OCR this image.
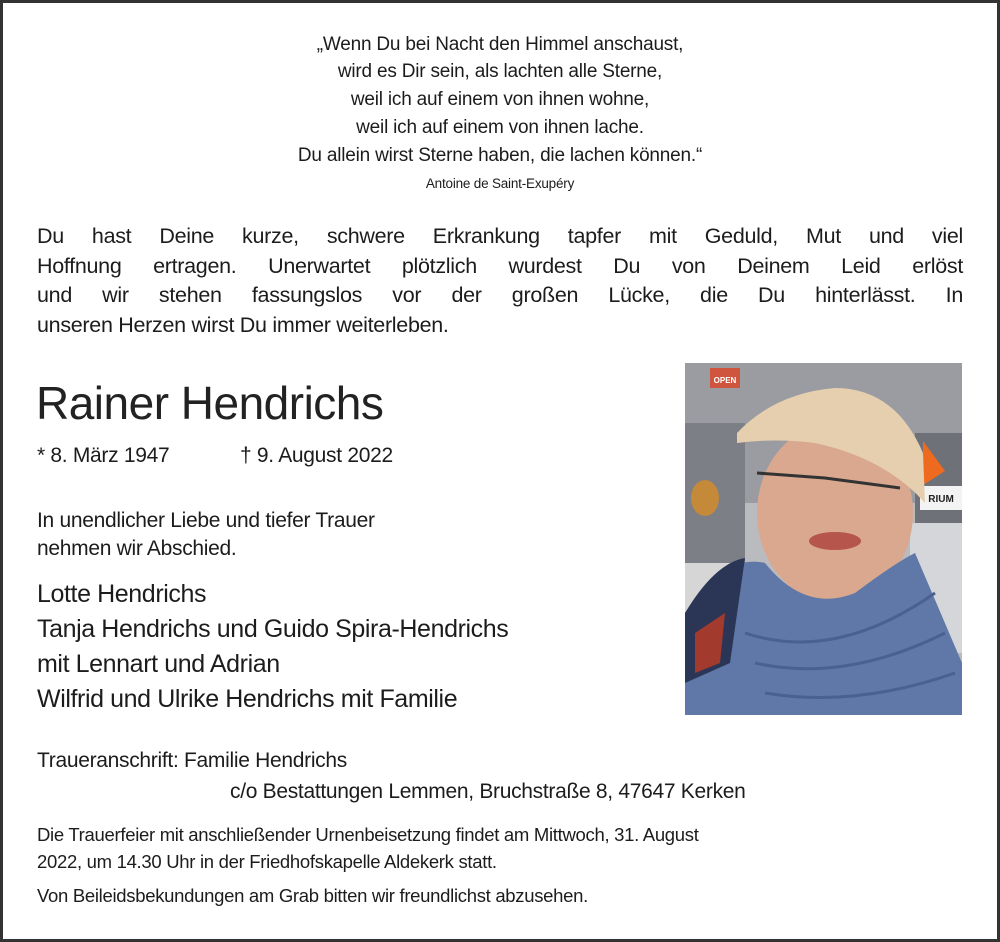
„Wenn Du bei Nacht den Himmel anschaust,
wird es Dir sein, als lachten alle Sterne,
weil ich auf einem von ihnen wohne,
weil ich auf einem von ihnen lache.
Du allein wirst Sterne haben, die lachen können.“
Antoine de Saint-Exupéry
Du hast Deine kurze, schwere Erkrankung tapfer mit Geduld, Mut und viel
Hoffnung ertragen. Unerwartet plötzlich wurdest Du von Deinem Leid erlöst
und wir stehen fassungslos vor der großen Lücke, die Du hinterlässt. In
unseren Herzen wirst Du immer weiterleben.
Rainer Hendrichs
* 8. März 1947	† 9. August 2022
In unendlicher Liebe und tiefer Trauer
nehmen wir Abschied.
Lotte Hendrichs
Tanja Hendrichs und Guido Spira-Hendrichs
mit Lennart und Adrian
Wilfrid und Ulrike Hendrichs mit Familie
Traueranschrift: Familie Hendrichs
c/o Bestattungen Lemmen, Bruchstraße 8, 47647 Kerken
Die Trauerfeier mit anschließender Urnenbeisetzung findet am Mittwoch, 31. August
2022, um 14.30 Uhr in der Friedhofskapelle Aldekerk statt.
Von Beileidsbekundungen am Grab bitten wir freundlichst abzusehen.
OPEN
RIUM
